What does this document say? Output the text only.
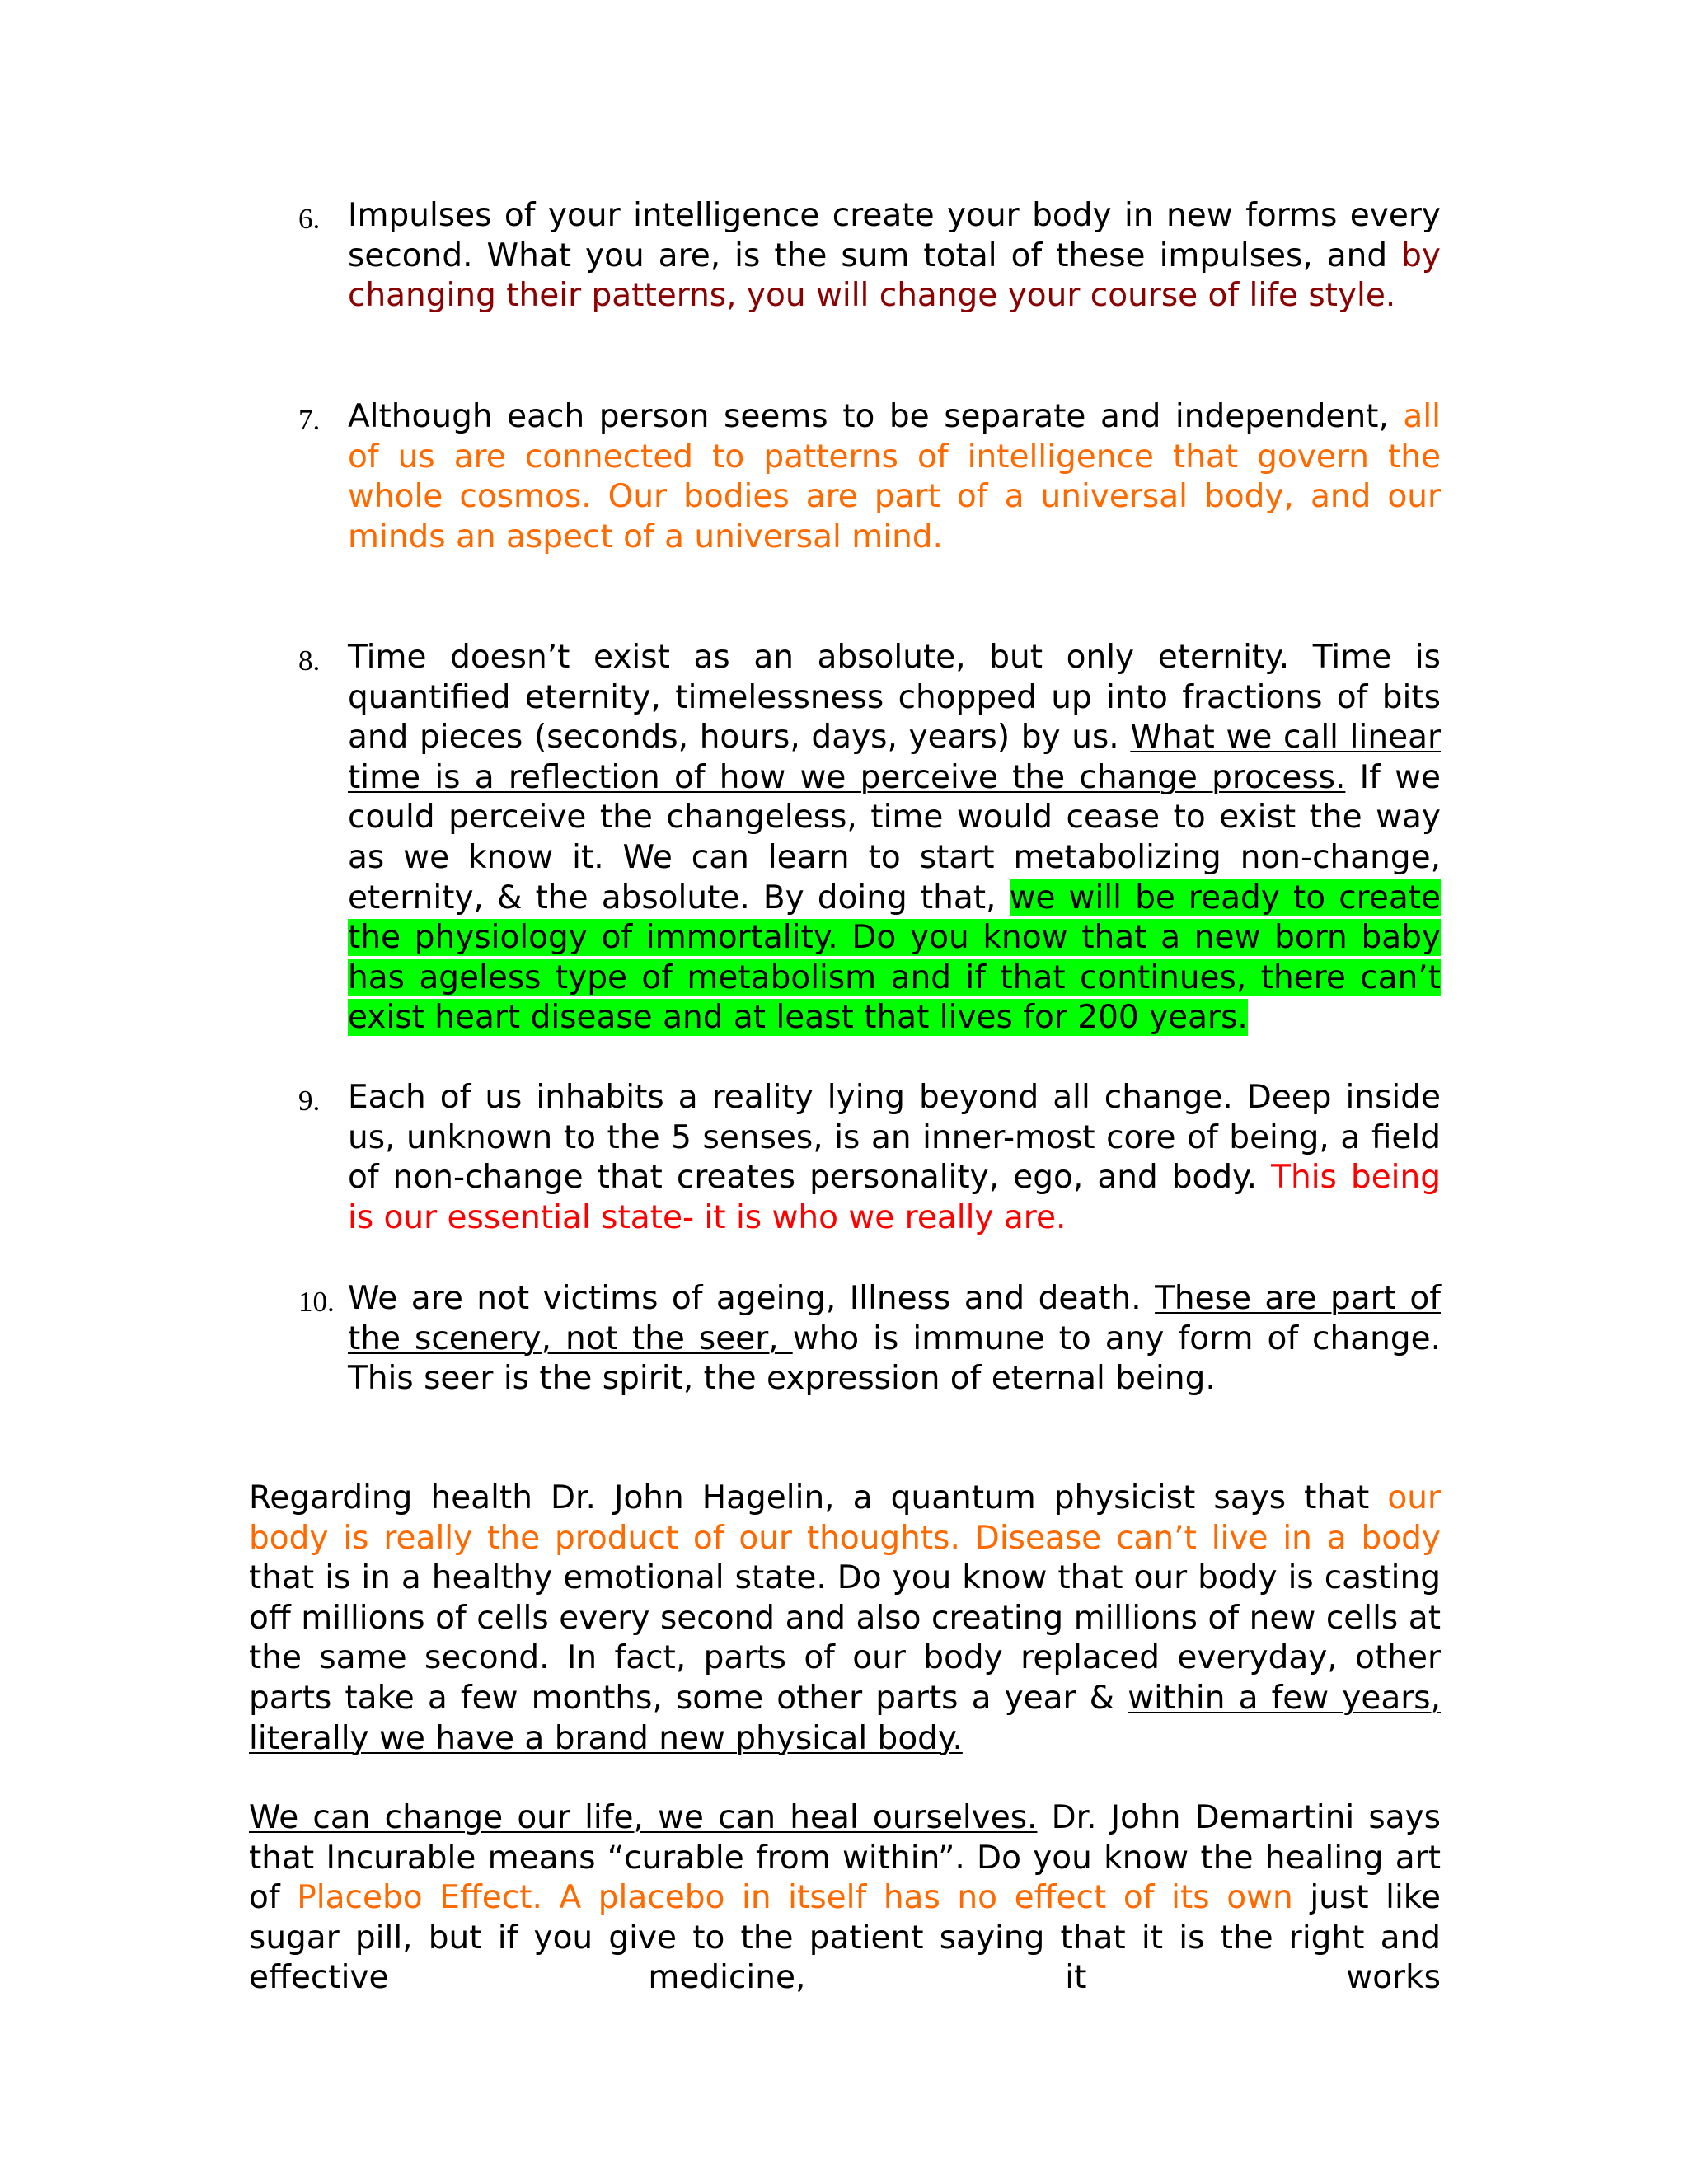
6. Impulses of your intelligence create your body in new forms every second. What you are, is the sum total of these impulses, and by changing their patterns, you will change your course of life style.

7. Although each person seems to be separate and independent, all of us are connected to patterns of intelligence that govern the whole cosmos. Our bodies are part of a universal body, and our minds an aspect of a universal mind.

8. Time doesn’t exist as an absolute, but only eternity. Time is quantified eternity, timelessness chopped up into fractions of bits and pieces (seconds, hours, days, years) by us. What we call linear time is a reflection of how we perceive the change process. If we could perceive the changeless, time would cease to exist the way as we know it. We can learn to start metabolizing non-change, eternity, & the absolute. By doing that, we will be ready to create the physiology of immortality. Do you know that a new born baby has ageless type of metabolism and if that continues, there can’t exist heart disease and at least that lives for 200 years.

9. Each of us inhabits a reality lying beyond all change. Deep inside us, unknown to the 5 senses, is an inner-most core of being, a field of non-change that creates personality, ego, and body. This being is our essential state- it is who we really are.

10. We are not victims of ageing, Illness and death. These are part of the scenery, not the seer, who is immune to any form of change. This seer is the spirit, the expression of eternal being.

Regarding health Dr. John Hagelin, a quantum physicist says that our body is really the product of our thoughts. Disease can’t live in a body that is in a healthy emotional state. Do you know that our body is casting off millions of cells every second and also creating millions of new cells at the same second. In fact, parts of our body replaced everyday, other parts take a few months, some other parts a year & within a few years, literally we have a brand new physical body.

We can change our life, we can heal ourselves. Dr. John Demartini says that Incurable means “curable from within”. Do you know the healing art of Placebo Effect. A placebo in itself has no effect of its own just like sugar pill, but if you give to the patient saying that it is the right and effective medicine, it works
